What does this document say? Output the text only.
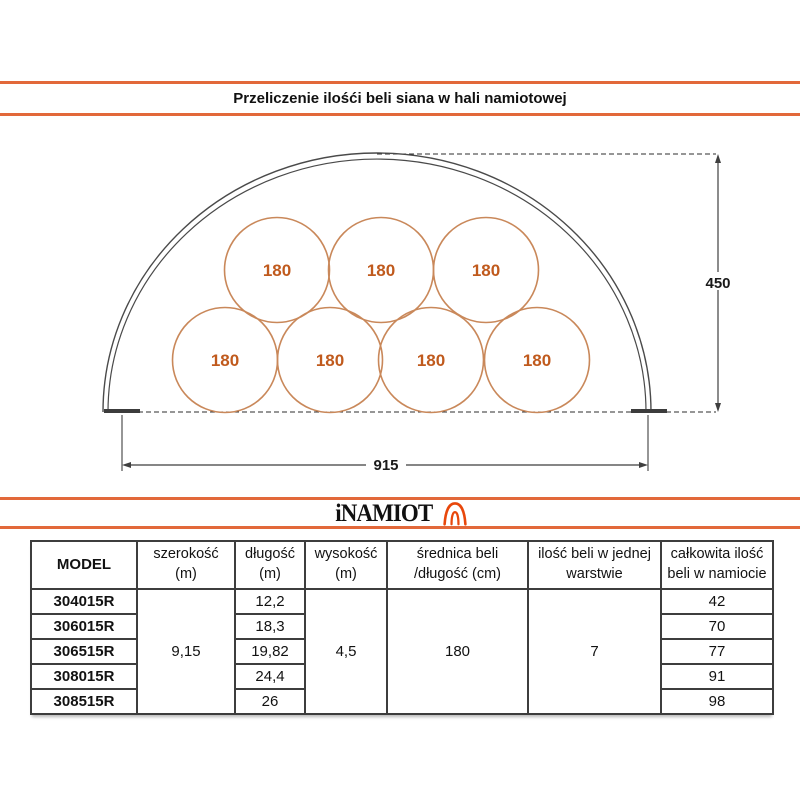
Przeliczenie ilośći beli siana w hali namiotowej
180	180	180
180	180	180	180
450
915
iNAMIOT
MODEL

szerokość
(m)

długość
(m)

wysokość
(m)

średnica beli
/długość (cm)

ilość beli w jednej
warstwie

całkowita ilość
beli w namiocie

304015R	9,15	12,2	4,5	180	7	42
306015R		18,3				70
306515R		19,82				77
308015R		24,4				91
308515R		26				98
